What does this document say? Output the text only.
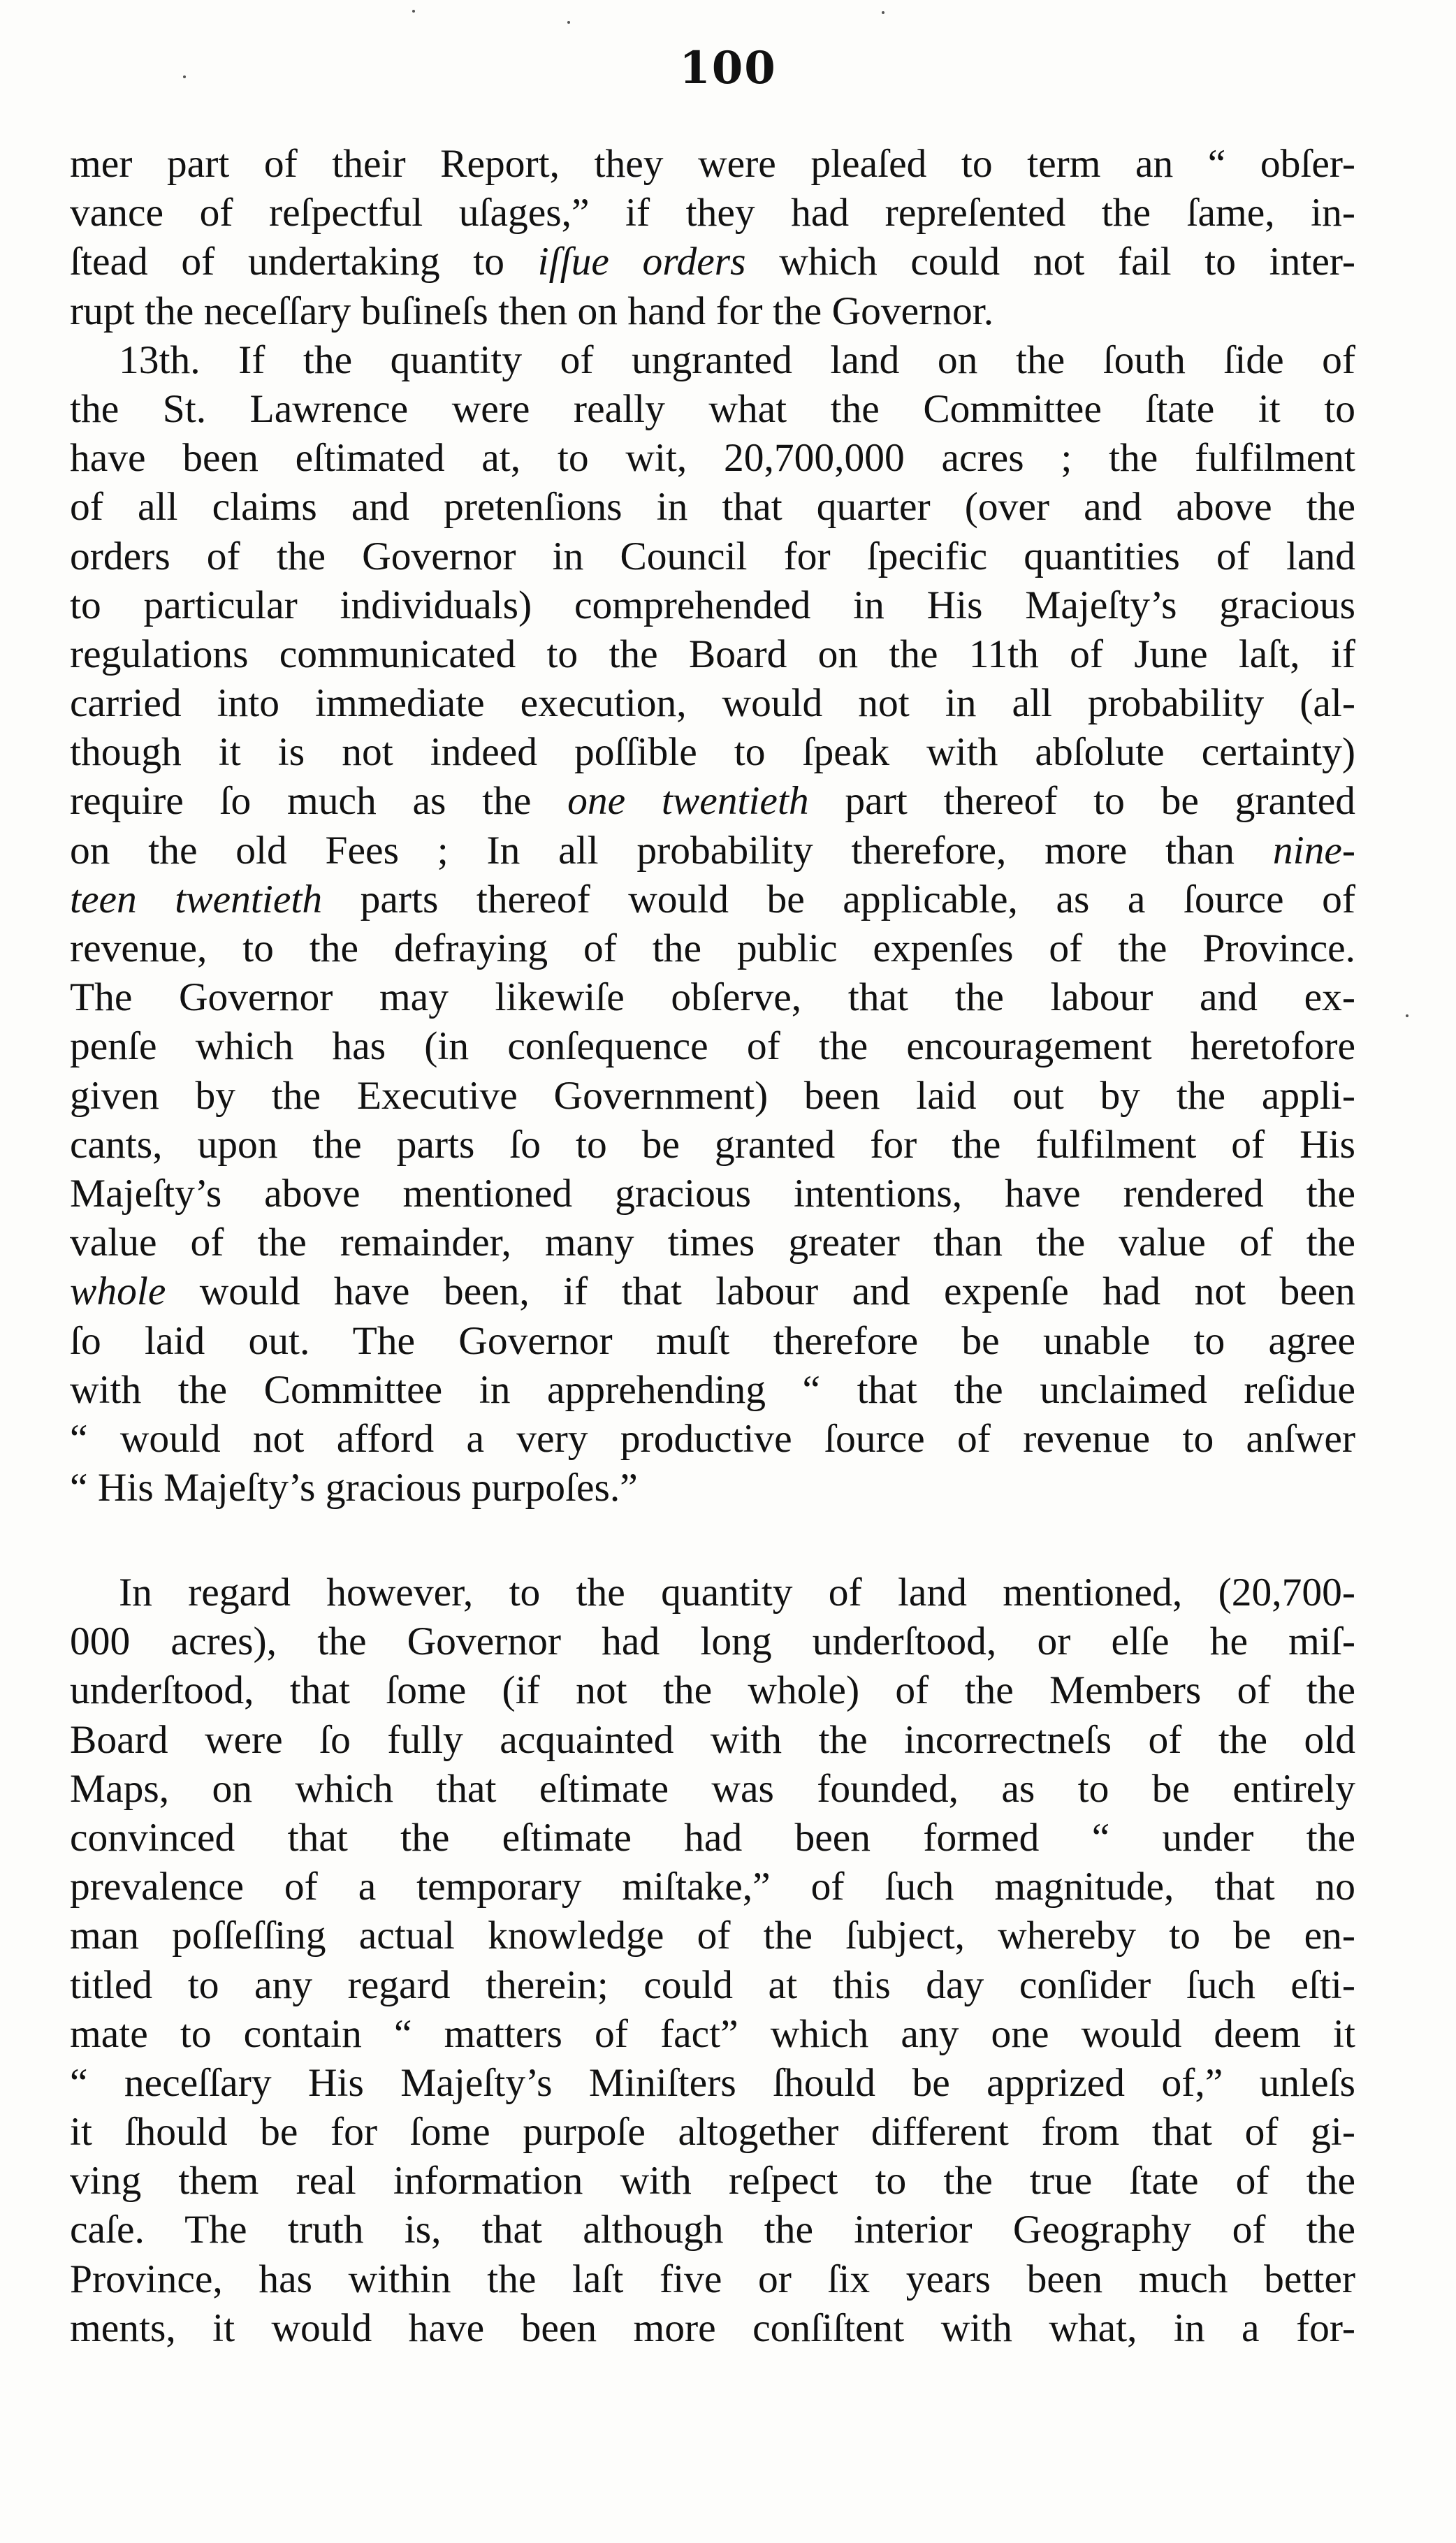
100
mer part of their Report, they were pleaſed to term an “ obſer-
vance of reſpectful uſages,” if they had repreſented the ſame, in-
ſtead of undertaking to iſſue orders which could not fail to inter-
rupt the neceſſary buſineſs then on hand for the Governor.
13th. If the quantity of ungranted land on the ſouth ſide of
the St. Lawrence were really what the Committee ſtate it to
have been eſtimated at, to wit, 20,700,000 acres ; the fulfilment
of all claims and pretenſions in that quarter (over and above the
orders of the Governor in Council for ſpecific quantities of land
to particular individuals) comprehended in His Majeſty’s gracious
regulations communicated to the Board on the 11th of June laſt, if
carried into immediate execution, would not in all probability (al-
though it is not indeed poſſible to ſpeak with abſolute certainty)
require ſo much as the one twentieth part thereof to be granted
on the old Fees ; In all probability therefore, more than nine-
teen twentieth parts thereof would be applicable, as a ſource of
revenue, to the defraying of the public expenſes of the Province.
The Governor may likewiſe obſerve, that the labour and ex-
penſe which has (in conſequence of the encouragement heretofore
given by the Executive Government) been laid out by the appli-
cants, upon the parts ſo to be granted for the fulfilment of His
Majeſty’s above mentioned gracious intentions, have rendered the
value of the remainder, many times greater than the value of the
whole would have been, if that labour and expenſe had not been
ſo laid out. The Governor muſt therefore be unable to agree
with the Committee in apprehending “ that the unclaimed reſidue
“ would not afford a very productive ſource of revenue to anſwer
“ His Majeſty’s gracious purpoſes.”
In regard however, to the quantity of land mentioned, (20,700-
000 acres), the Governor had long underſtood, or elſe he miſ-
underſtood, that ſome (if not the whole) of the Members of the
Board were ſo fully acquainted with the incorrectneſs of the old
Maps, on which that eſtimate was founded, as to be entirely
convinced that the eſtimate had been formed “ under the
prevalence of a temporary miſtake,” of ſuch magnitude, that no
man poſſeſſing actual knowledge of the ſubject, whereby to be en-
titled to any regard therein; could at this day conſider ſuch eſti-
mate to contain “ matters of fact” which any one would deem it
“ neceſſary His Majeſty’s Miniſters ſhould be apprized of,” unleſs
it ſhould be for ſome purpoſe altogether different from that of gi-
ving them real information with reſpect to the true ſtate of the
caſe. The truth is, that although the interior Geography of the
Province, has within the laſt five or ſix years been much better
ments, it would have been more conſiſtent with what, in a for-
